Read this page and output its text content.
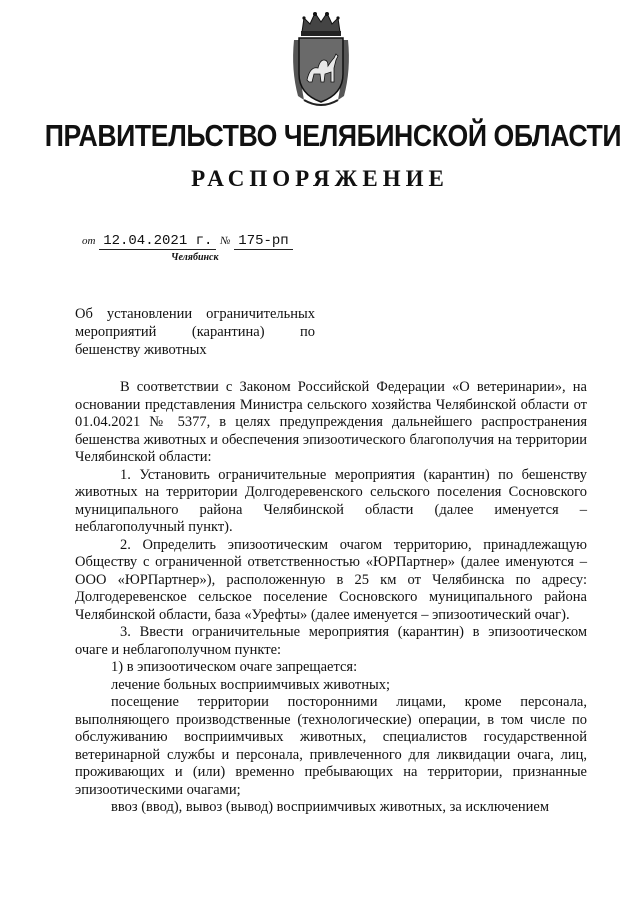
ПРАВИТЕЛЬСТВО ЧЕЛЯБИНСКОЙ ОБЛАСТИ
РАСПОРЯЖЕНИЕ
от 12.04.2021 г. № 175-рп
Челябинск
Об установлении ограничительных мероприятий (карантина) по бешенству животных

В соответствии с Законом Российской Федерации «О ветеринарии», на основании представления Министра сельского хозяйства Челябинской области от 01.04.2021 № 5377, в целях предупреждения дальнейшего распространения бешенства животных и обеспечения эпизоотического благополучия на территории Челябинской области:

1. Установить ограничительные мероприятия (карантин) по бешенству животных на территории Долгодеревенского сельского поселения Сосновского муниципального района Челябинской области (далее именуется – неблагополучный пункт).

2. Определить эпизоотическим очагом территорию, принадлежащую Обществу с ограниченной ответственностью «ЮРПартнер» (далее именуются – ООО «ЮРПартнер»), расположенную в 25 км от Челябинска по адресу: Долгодеревенское сельское поселение Сосновского муниципального района Челябинской области, база «Урефты» (далее именуется – эпизоотический очаг).

3. Ввести ограничительные мероприятия (карантин) в эпизоотическом очаге и неблагополучном пункте:

1) в эпизоотическом очаге запрещается:

лечение больных восприимчивых животных;

посещение территории посторонними лицами, кроме персонала, выполняющего производственные (технологические) операции, в том числе по обслуживанию восприимчивых животных, специалистов государственной ветеринарной службы и персонала, привлеченного для ликвидации очага, лиц, проживающих и (или) временно пребывающих на территории, признанные эпизоотическими очагами;

ввоз (ввод), вывоз (вывод) восприимчивых животных, за исключением
